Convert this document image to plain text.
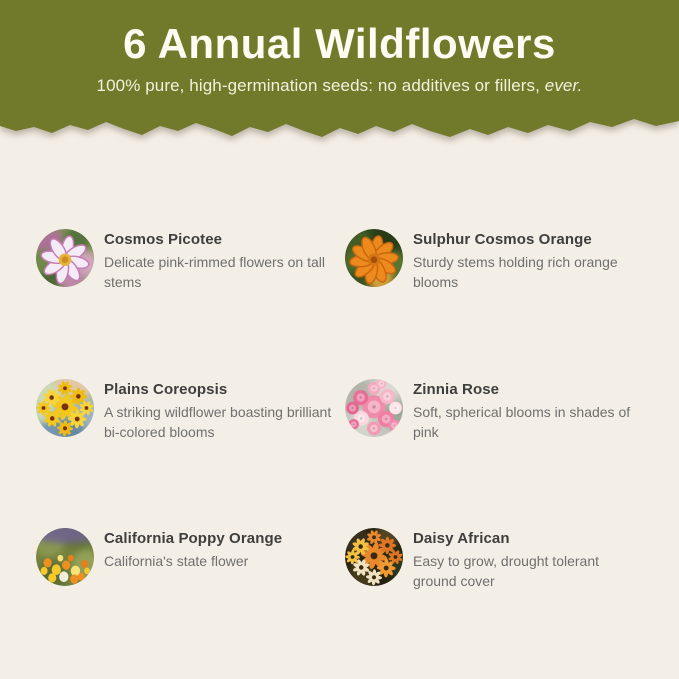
6 Annual Wildflowers

100% pure, high-germination seeds: no additives or fillers, ever.

Cosmos Picotee

Delicate pink-rimmed flowers on tall stems

Sulphur Cosmos Orange

Sturdy stems holding rich orange blooms

Plains Coreopsis

A striking wildflower boasting brilliant bi-colored blooms

Zinnia Rose

Soft, spherical blooms in shades of pink

California Poppy Orange

California's state flower

Daisy African

Easy to grow, drought tolerant ground cover
